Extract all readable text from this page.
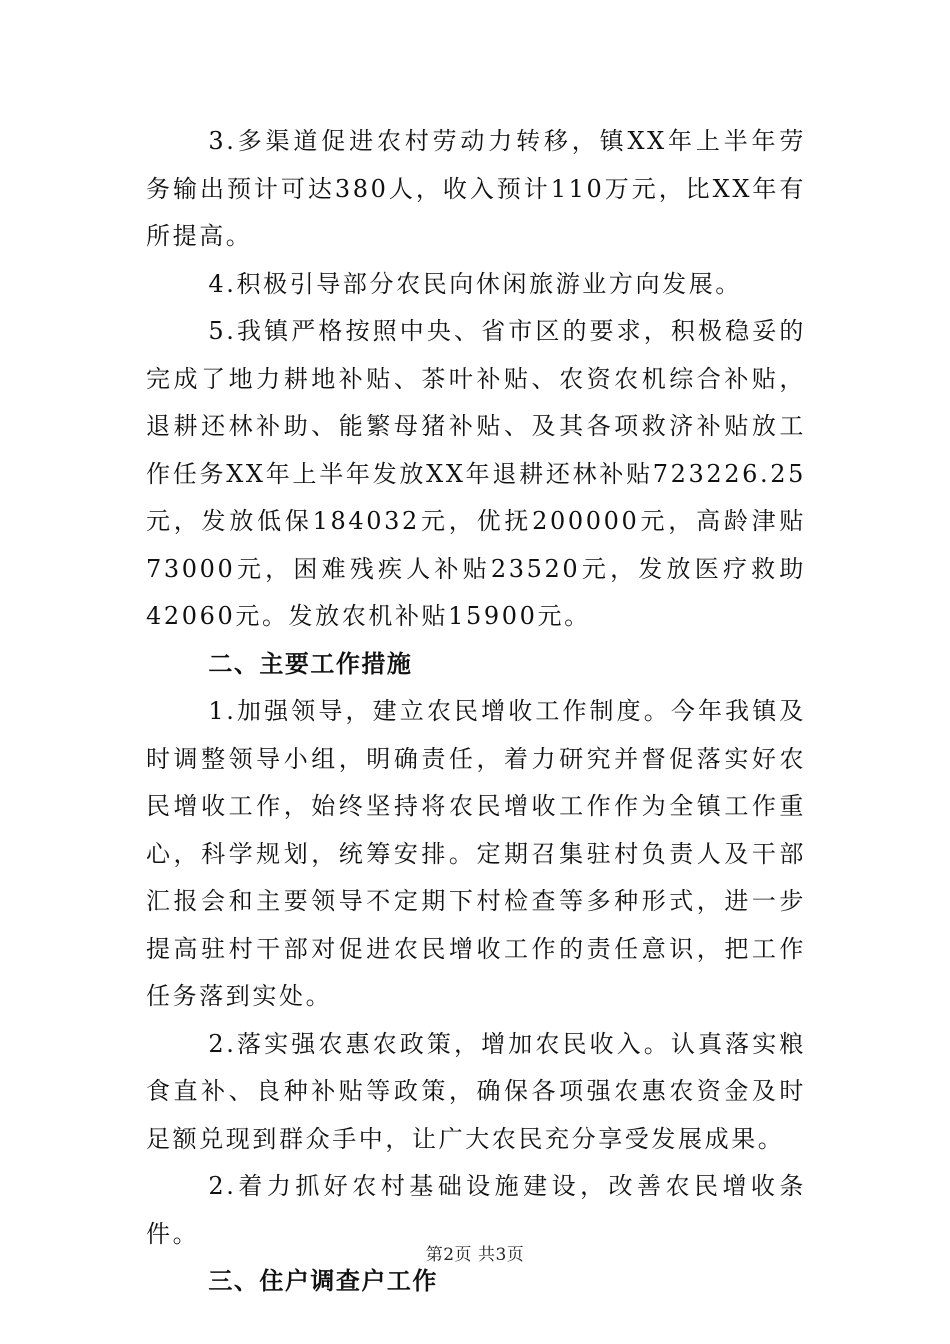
3.多渠道促进农村劳动力转移，镇XX年上半年劳务输出预计可达380人，收入预计110万元，比XX年有所提高。

4.积极引导部分农民向休闲旅游业方向发展。

5.我镇严格按照中央、省市区的要求，积极稳妥的完成了地力耕地补贴、茶叶补贴、农资农机综合补贴，退耕还林补助、能繁母猪补贴、及其各项救济补贴放工作任务XX年上半年发放XX年退耕还林补贴723226.25元，发放低保184032元，优抚200000元，高龄津贴73000元，困难残疾人补贴23520元，发放医疗救助42060元。发放农机补贴15900元。

二、主要工作措施

1.加强领导，建立农民增收工作制度。今年我镇及时调整领导小组，明确责任，着力研究并督促落实好农民增收工作，始终坚持将农民增收工作作为全镇工作重心，科学规划，统筹安排。定期召集驻村负责人及干部汇报会和主要领导不定期下村检查等多种形式，进一步提高驻村干部对促进农民增收工作的责任意识，把工作任务落到实处。

2.落实强农惠农政策，增加农民收入。认真落实粮食直补、良种补贴等政策，确保各项强农惠农资金及时足额兑现到群众手中，让广大农民充分享受发展成果。

2.着力抓好农村基础设施建设，改善农民增收条件。

三、住户调查户工作

第2页 共3页
